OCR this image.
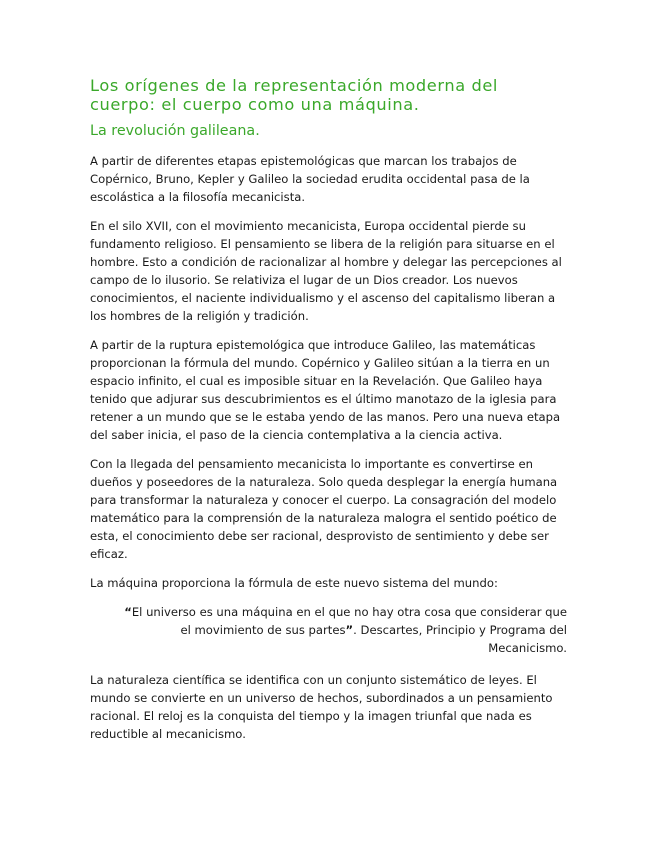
Los orígenes de la representación moderna del cuerpo: el cuerpo como una máquina.
La revolución galileana.

A partir de diferentes etapas epistemológicas que marcan los trabajos de Copérnico, Bruno, Kepler y Galileo la sociedad erudita occidental pasa de la escolástica a la filosofía mecanicista.

En el silo XVII, con el movimiento mecanicista, Europa occidental pierde su fundamento religioso. El pensamiento se libera de la religión para situarse en el hombre. Esto a condición de racionalizar al hombre y delegar las percepciones al campo de lo ilusorio. Se relativiza el lugar de un Dios creador. Los nuevos conocimientos, el naciente individualismo y el ascenso del capitalismo liberan a los hombres de la religión y tradición.

A partir de la ruptura epistemológica que introduce Galileo, las matemáticas proporcionan la fórmula del mundo. Copérnico y Galileo sitúan a la tierra en un espacio infinito, el cual es imposible situar en la Revelación. Que Galileo haya tenido que adjurar sus descubrimientos es el último manotazo de la iglesia para retener a un mundo que se le estaba yendo de las manos. Pero una nueva etapa del saber inicia, el paso de la ciencia contemplativa a la ciencia activa.

Con la llegada del pensamiento mecanicista lo importante es convertirse en dueños y poseedores de la naturaleza. Solo queda desplegar la energía humana para transformar la naturaleza y conocer el cuerpo. La consagración del modelo matemático para la comprensión de la naturaleza malogra el sentido poético de esta, el conocimiento debe ser racional, desprovisto de sentimiento y debe ser eficaz.

La máquina proporciona la fórmula de este nuevo sistema del mundo:

“El universo es una máquina en el que no hay otra cosa que considerar que el movimiento de sus partes”. Descartes, Principio y Programa del Mecanicismo.

La naturaleza científica se identifica con un conjunto sistemático de leyes. El mundo se convierte en un universo de hechos, subordinados a un pensamiento racional. El reloj es la conquista del tiempo y la imagen triunfal que nada es reductible al mecanicismo.
